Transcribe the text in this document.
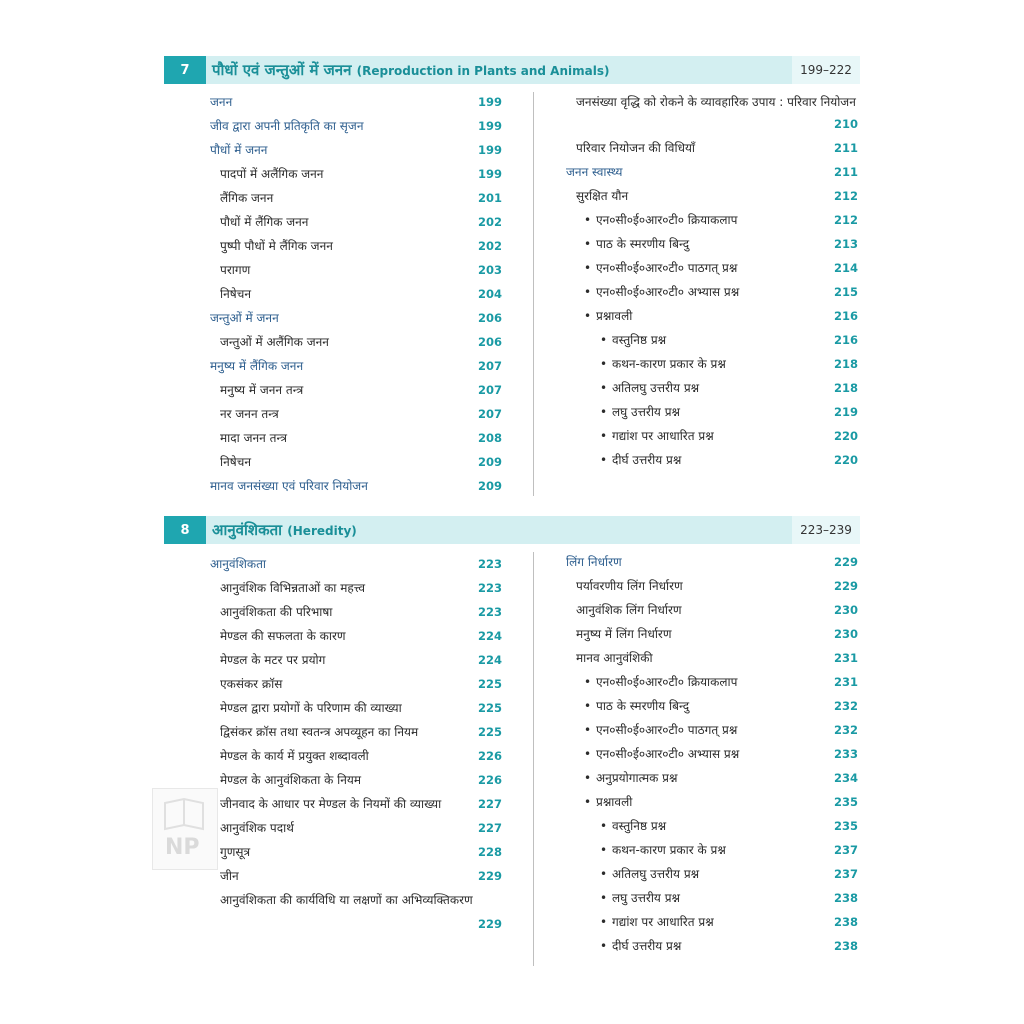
7	पौधों एवं जन्तुओं में जनन (Reproduction in Plants and Animals)	199–222
जनन	199
जीव द्वारा अपनी प्रतिकृति का सृजन	199
पौधों में जनन	199
पादपों में अलैंगिक जनन	199
लैंगिक जनन	201
पौधों में लैंगिक जनन	202
पुष्पी पौधों मे लैंगिक जनन	202
परागण	203
निषेचन	204
जन्तुओं में जनन	206
जन्तुओं में अलैंगिक जनन	206
मनुष्य में लैंगिक जनन	207
मनुष्य में जनन तन्त्र	207
नर जनन तन्त्र	207
मादा जनन तन्त्र	208
निषेचन	209
मानव जनसंख्या एवं परिवार नियोजन	209
जनसंख्या वृद्धि को रोकने के व्यावहारिक उपाय : परिवार नियोजन
210
परिवार नियोजन की विधियाँ	211
जनन स्वास्थ्य	211
सुरक्षित यौन	212
• एन०सी०ई०आर०टी० क्रियाकलाप	212
• पाठ के स्मरणीय बिन्दु	213
• एन०सी०ई०आर०टी० पाठगत् प्रश्न	214
• एन०सी०ई०आर०टी० अभ्यास प्रश्न	215
• प्रश्नावली	216
• वस्तुनिष्ठ प्रश्न	216
• कथन-कारण प्रकार के प्रश्न	218
• अतिलघु उत्तरीय प्रश्न	218
• लघु उत्तरीय प्रश्न	219
• गद्यांश पर आधारित प्रश्न	220
• दीर्घ उत्तरीय प्रश्न	220
8	आनुवंशिकता (Heredity)	223–239
आनुवंशिकता	223
आनुवंशिक विभिन्नताओं का महत्त्व	223
आनुवंशिकता की परिभाषा	223
मेण्डल की सफलता के कारण	224
मेण्डल के मटर पर प्रयोग	224
एकसंकर क्रॉस	225
मेण्डल द्वारा प्रयोगों के परिणाम की व्याख्या	225
द्विसंकर क्रॉस तथा स्वतन्त्र अपव्यूहन का नियम	225
मेण्डल के कार्य में प्रयुक्त शब्दावली	226
मेण्डल के आनुवंशिकता के नियम	226
जीनवाद के आधार पर मेण्डल के नियमों की व्याख्या	227
आनुवंशिक पदार्थ	227
गुणसूत्र	228
जीन	229
आनुवंशिकता की कार्यविधि या लक्षणों का अभिव्यक्तिकरण
229
लिंग निर्धारण	229
पर्यावरणीय लिंग निर्धारण	229
आनुवंशिक लिंग निर्धारण	230
मनुष्य में लिंग निर्धारण	230
मानव आनुवंशिकी	231
• एन०सी०ई०आर०टी० क्रियाकलाप	231
• पाठ के स्मरणीय बिन्दु	232
• एन०सी०ई०आर०टी० पाठगत् प्रश्न	232
• एन०सी०ई०आर०टी० अभ्यास प्रश्न	233
• अनुप्रयोगात्मक प्रश्न	234
• प्रश्नावली	235
• वस्तुनिष्ठ प्रश्न	235
• कथन-कारण प्रकार के प्रश्न	237
• अतिलघु उत्तरीय प्रश्न	237
• लघु उत्तरीय प्रश्न	238
• गद्यांश पर आधारित प्रश्न	238
• दीर्घ उत्तरीय प्रश्न	238
NP
